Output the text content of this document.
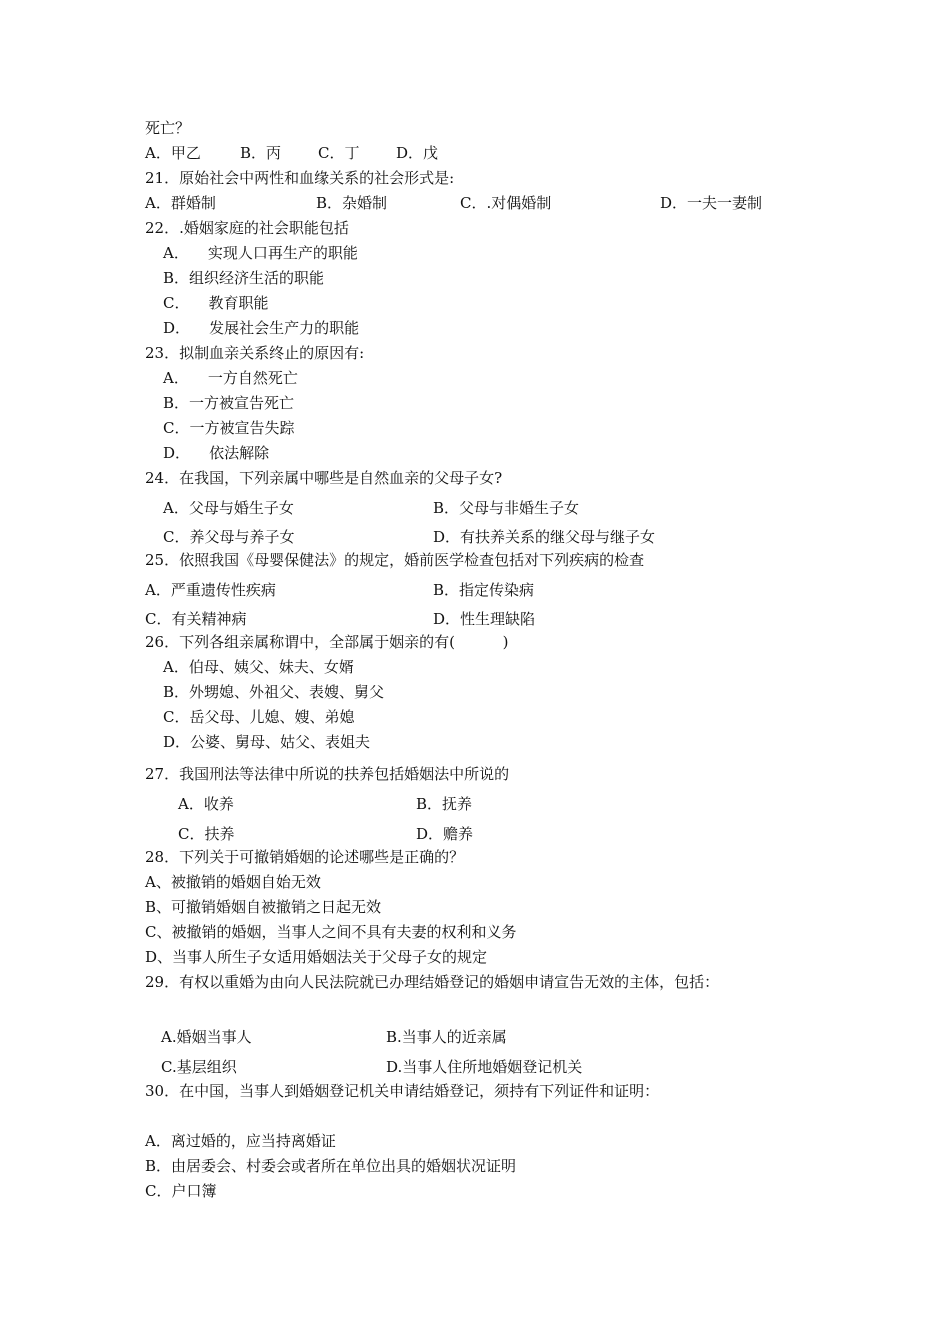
死亡？
A．甲乙	B．丙 C．丁 D．戊
21．原始社会中两性和血缘关系的社会形式是:
A．群婚制	B．杂婚制	C．.对偶婚制	D．一夫一妻制
22．.婚姻家庭的社会职能包括
A．    实现人口再生产的职能
B．组织经济生活的职能
C．    教育职能
D．    发展社会生产力的职能
23．拟制血亲关系终止的原因有:
A．    一方自然死亡
B．一方被宣告死亡
C．一方被宣告失踪
D．    依法解除
24．在我国，下列亲属中哪些是自然血亲的父母子女?
A．父母与婚生子女	B．父母与非婚生子女
C．养父母与养子女	D．有扶养关系的继父母与继子女
25．依照我国《母婴保健法》的规定，婚前医学检查包括对下列疾病的检查
A．严重遗传性疾病	B．指定传染病
C．有关精神病	D．性生理缺陷
26．下列各组亲属称谓中，全部属于姻亲的有(          )
A．伯母、姨父、妹夫、女婿
B．外甥媳、外祖父、表嫂、舅父
C．岳父母、儿媳、嫂、弟媳
D．公婆、舅母、姑父、表姐夫
27．我国刑法等法律中所说的扶养包括婚姻法中所说的
A．收养	B．抚养
C．扶养	D．赡养
28．下列关于可撤销婚姻的论述哪些是正确的？
A、被撤销的婚姻自始无效
B、可撤销婚姻自被撤销之日起无效
C、被撤销的婚姻，当事人之间不具有夫妻的权利和义务
D、当事人所生子女适用婚姻法关于父母子女的规定
29．有权以重婚为由向人民法院就已办理结婚登记的婚姻申请宣告无效的主体，包括：
A.婚姻当事人	B.当事人的近亲属
C.基层组织	D.当事人住所地婚姻登记机关
30．在中国，当事人到婚姻登记机关申请结婚登记，须持有下列证件和证明：
A．离过婚的，应当持离婚证
B．由居委会、村委会或者所在单位出具的婚姻状况证明
C．户口簿
